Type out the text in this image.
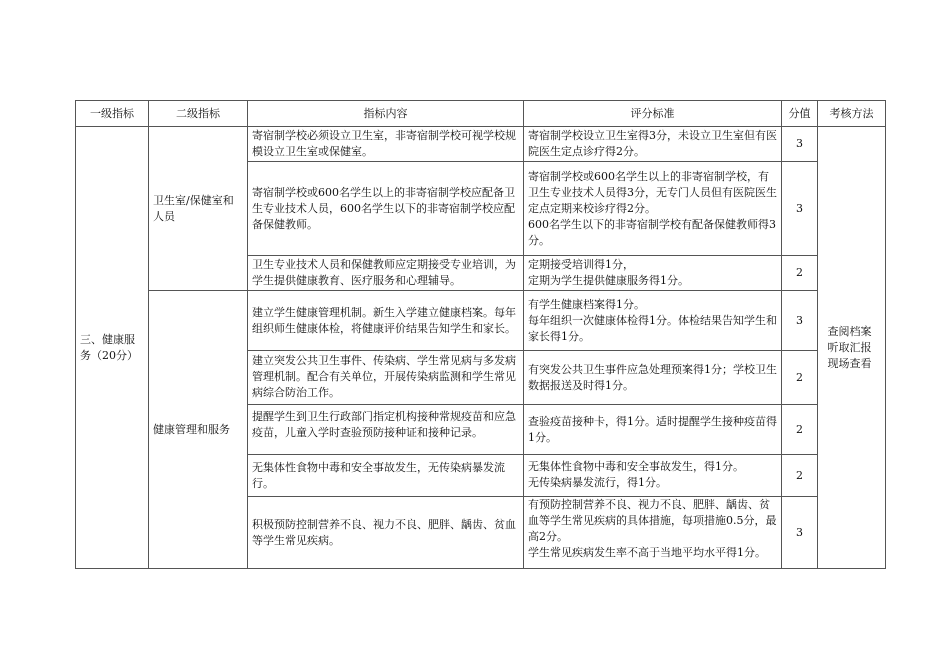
一级指标	二级指标	指标内容	评分标准	分值	考核方法
三、健康服务（20分）	卫生室/保健室和人员	寄宿制学校必须设立卫生室，非寄宿制学校可视学校规模设立卫生室或保健室。	寄宿制学校设立卫生室得3分，未设立卫生室但有医院医生定点诊疗得2分。	3	查阅档案听取汇报现场查看

		寄宿制学校或600名学生以上的非寄宿制学校应配备卫生专业技术人员，600名学生以下的非寄宿制学校应配备保健教师。	寄宿制学校或600名学生以上的非寄宿制学校，有卫生专业技术人员得3分，无专门人员但有医院医生定点定期来校诊疗得2分。
600名学生以下的非寄宿制学校有配备保健教师得3分。	3	

		卫生专业技术人员和保健教师应定期接受专业培训，为学生提供健康教育、医疗服务和心理辅导。	定期接受培训得1分，
定期为学生提供健康服务得1分。	2	
	健康管理和服务	建立学生健康管理机制。新生入学建立健康档案。每年组织师生健康体检，将健康评价结果告知学生和家长。	有学生健康档案得1分。
每年组织一次健康体检得1分。体检结果告知学生和家长得1分。	3	

		建立突发公共卫生事件、传染病、学生常见病与多发病管理机制。配合有关单位，开展传染病监测和学生常见病综合防治工作。	有突发公共卫生事件应急处理预案得1分；学校卫生数据报送及时得1分。	2	

		提醒学生到卫生行政部门指定机构接种常规疫苗和应急疫苗，儿童入学时查验预防接种证和接种记录。	查验疫苗接种卡，得1分。适时提醒学生接种疫苗得1分。	2	

		无集体性食物中毒和安全事故发生，无传染病暴发流行。	无集体性食物中毒和安全事故发生，得1分。
无传染病暴发流行，得1分。	2	

		积极预防控制营养不良、视力不良、肥胖、龋齿、贫血等学生常见疾病。	有预防控制营养不良、视力不良、肥胖、龋齿、贫血等学生常见疾病的具体措施，每项措施0.5分，最高2分。
学生常见疾病发生率不高于当地平均水平得1分。	3	
